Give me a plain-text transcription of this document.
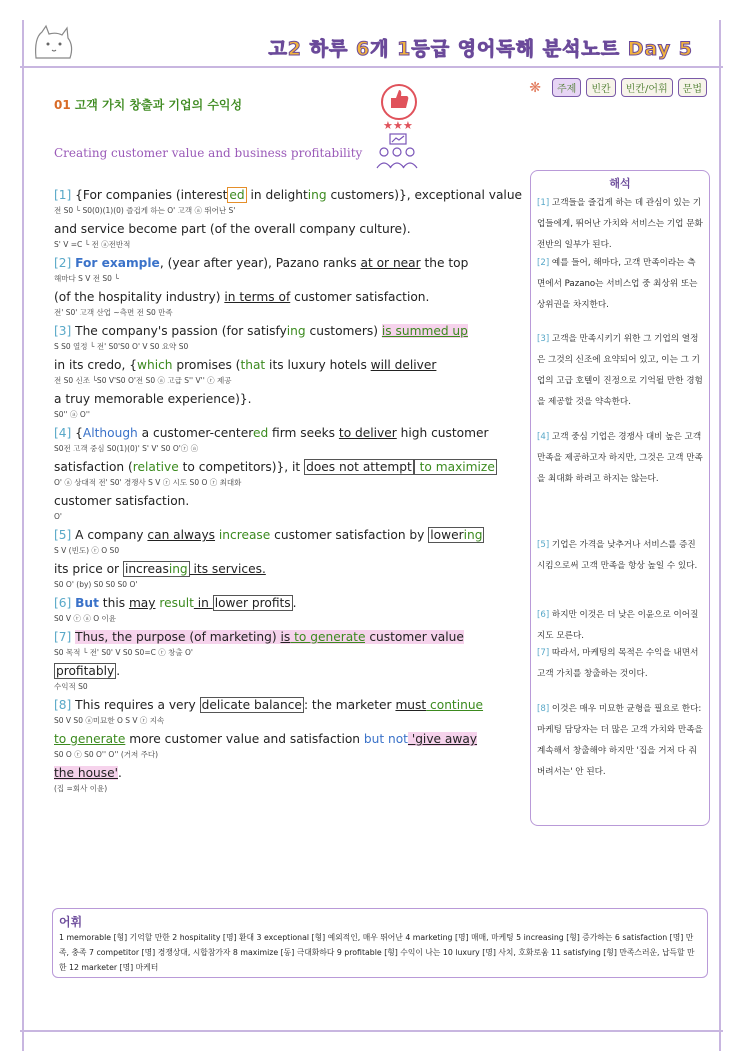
고2 하루 6개 1등급 영어독해 분석노트 Day 5
❋	주제	빈칸	빈칸/어휘	문법
01 고객 가치 창출과 기업의 수익성
Creating customer value and business profitability
★ ★ ★
[1] {For companies (interest ed in delighting customers)}, exceptional value
전 S0 └ S0(0)(1)(0) 즐겁게 하는 O' 고객 ⓐ 뛰어난 S'
and service become part (of the overall company culture).
S' V =C └ 전 ⓐ전반적
[2] For example, (year after year), Pazano ranks at or near the top
해마다 S V 전 S0 └
(of the hospitality industry) in terms of customer satisfaction.
전' S0' 고객 산업 ~측면 전 S0 만족
[3] The company's passion (for satisfying customers) is summed up
S S0 열정 └ 전' S0'S0 O' V S0 요약 S0
in its credo, {which promises (that its luxury hotels will deliver
전 S0 신조 └S0 V'S0 O'전 S0 ⓐ 고급 S'' V'' ⓡ 제공
a truy memorable experience)}.
S0'' ⓐ O''
[4] {Although a customer-centered firm seeks to deliver high customer
S0전 고객 중심 S0(1)(0)' S' V' S0 O'ⓡ ⓐ
satisfaction (relative to competitors)}, it does not attempt to maximize
O' ⓐ 상대적 전' S0' 경쟁사 S V ⓡ 시도 S0 O ⓡ 최대화
customer satisfaction.
O'
[5] A company can always increase customer satisfaction by lowering
S V (빈도) ⓡ O S0
its price or increasing its services.
S0 O' (by) S0 S0 S0 O'
[6] But this may result in lower profits .
S0 V ⓡ ⓐ O 이윤
[7] Thus, the purpose (of marketing) is to generate customer value
S0 목적 └ 전' S0' V S0 S0=C ⓡ 창출 O'
profitably .
수익적 S0
[8] This requires a very delicate balance : the marketer must continue
S0 V S0 ⓐ미묘한 O S V ⓡ 지속
to generate more customer value and satisfaction but not 'give away
S0 O ⓡ S0 O'' O'' (거저 주다)
the house'.
(집 =회사 이윤)
해석
[1] 고객들을 즐겁게 하는 데 관심이 있는 기업들에게, 뛰어난 가치와 서비스는 기업 문화 전반의 일부가 된다.
[2] 예를 들어, 해마다, 고객 만족이라는 측면에서 Pazano는 서비스업 중 최상위 또는 상위권을 차지한다.
[3] 고객을 만족시키기 위한 그 기업의 열정은 그것의 신조에 요약되어 있고, 이는 그 기업의 고급 호텔이 진정으로 기억될 만한 경험을 제공할 것을 약속한다.
[4] 고객 중심 기업은 경쟁사 대비 높은 고객 만족을 제공하고자 하지만, 그것은 고객 만족을 최대화 하려고 하지는 않는다.
[5] 기업은 가격을 낮추거나 서비스를 증진시킴으로써 고객 만족을 항상 높일 수 있다.
[6] 하지만 이것은 더 낮은 이윤으로 이어질지도 모른다.
[7] 따라서, 마케팅의 목적은 수익을 내면서 고객 가치를 창출하는 것이다.
[8] 이것은 매우 미묘한 균형을 필요로 한다: 마케팅 담당자는 더 많은 고객 가치와 만족을 계속해서 창출해야 하지만 '집을 거저 다 줘버려서는' 안 된다.
어휘
1 memorable [형] 기억할 만한 2 hospitality [명] 환대 3 exceptional [형] 예외적인, 매우 뛰어난 4 marketing [명] 매매, 마케팅 5 increasing [형] 증가하는 6 satisfaction [명] 만족, 충족 7 competitor [명] 경쟁상대, 시합참가자 8 maximize [동] 극대화하다 9 profitable [형] 수익이 나는 10 luxury [명] 사치, 호화로움 11 satisfying [형] 만족스러운, 납득할 만한 12 marketer [명] 마케터
